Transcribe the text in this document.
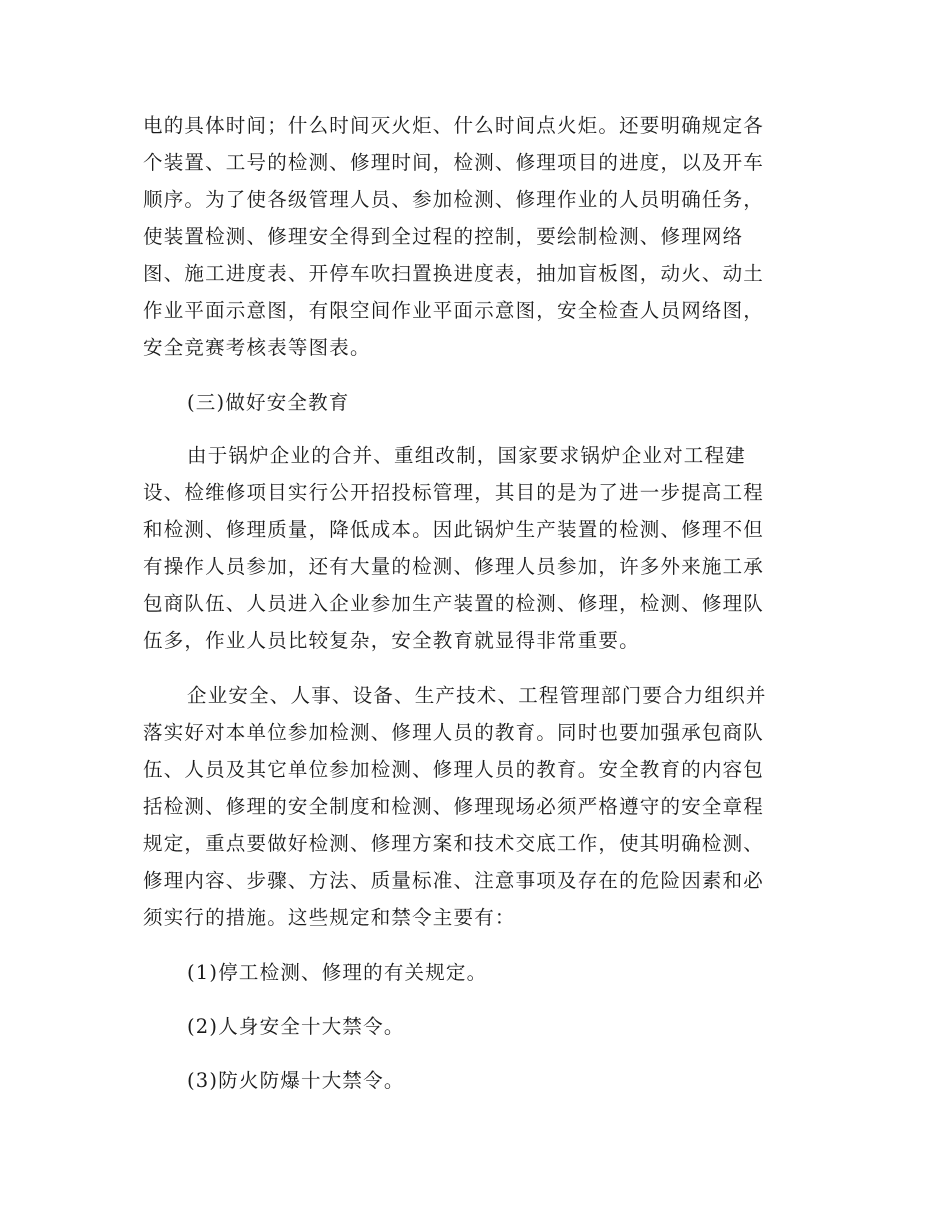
电的具体时间；什么时间灭火炬、什么时间点火炬。还要明确规定各
个装置、工号的检测、修理时间，检测、修理项目的进度，以及开车
顺序。为了使各级管理人员、参加检测、修理作业的人员明确任务，
使装置检测、修理安全得到全过程的控制，要绘制检测、修理网络
图、施工进度表、开停车吹扫置换进度表，抽加盲板图，动火、动土
作业平面示意图，有限空间作业平面示意图，安全检查人员网络图，
安全竞赛考核表等图表。
(三)做好安全教育
由于锅炉企业的合并、重组改制，国家要求锅炉企业对工程建
设、检维修项目实行公开招投标管理，其目的是为了进一步提高工程
和检测、修理质量，降低成本。因此锅炉生产装置的检测、修理不但
有操作人员参加，还有大量的检测、修理人员参加，许多外来施工承
包商队伍、人员进入企业参加生产装置的检测、修理，检测、修理队
伍多，作业人员比较复杂，安全教育就显得非常重要。
企业安全、人事、设备、生产技术、工程管理部门要合力组织并
落实好对本单位参加检测、修理人员的教育。同时也要加强承包商队
伍、人员及其它单位参加检测、修理人员的教育。安全教育的内容包
括检测、修理的安全制度和检测、修理现场必须严格遵守的安全章程
规定，重点要做好检测、修理方案和技术交底工作，使其明确检测、
修理内容、步骤、方法、质量标准、注意事项及存在的危险因素和必
须实行的措施。这些规定和禁令主要有：
(1)停工检测、修理的有关规定。
(2)人身安全十大禁令。
(3)防火防爆十大禁令。
